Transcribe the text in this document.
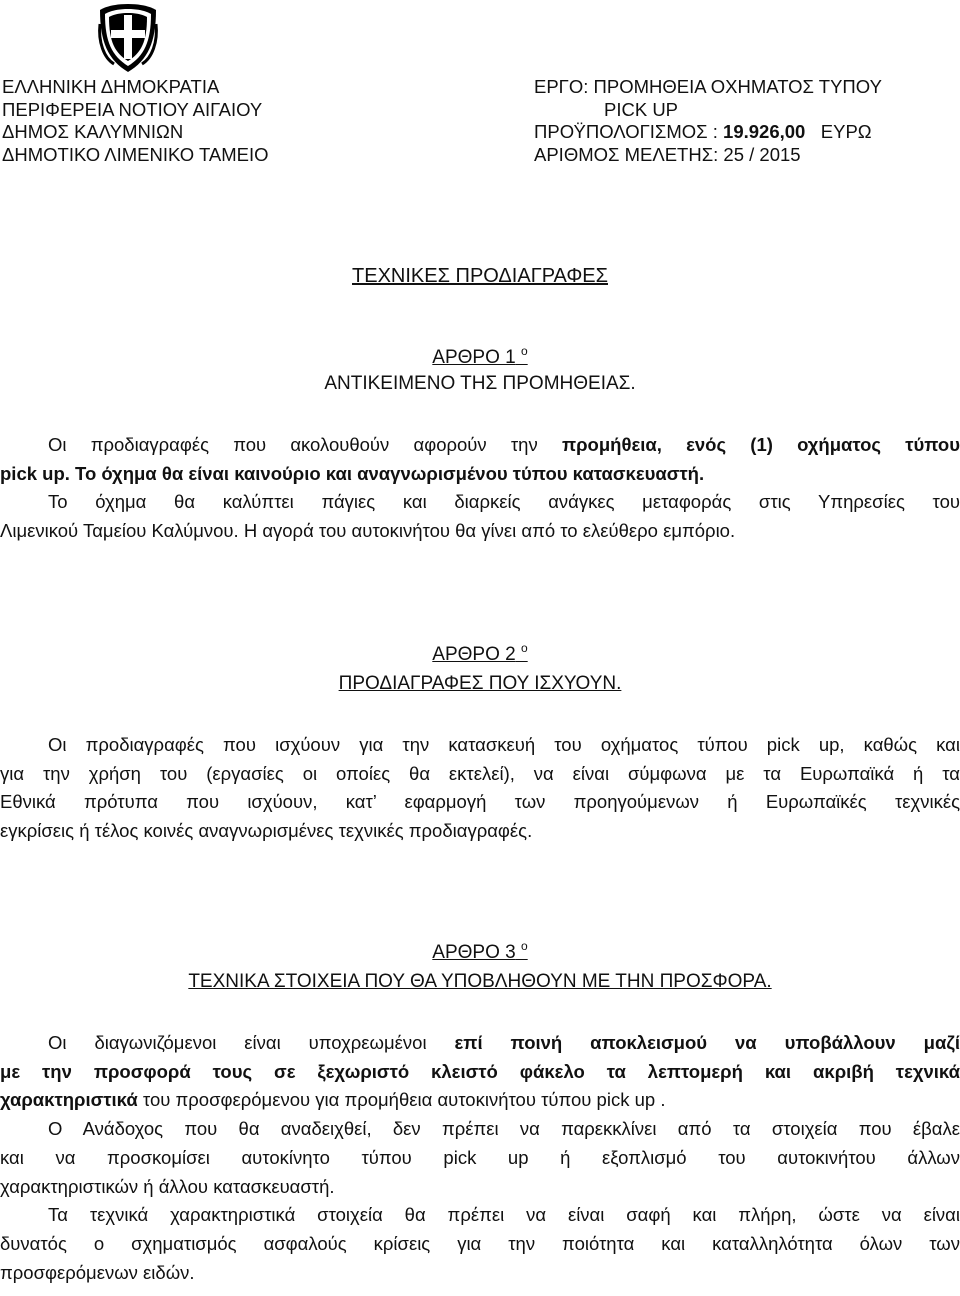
ΕΛΛΗΝΙΚΗ ΔΗΜΟΚΡΑΤΙΑ
ΠΕΡΙΦΕΡΕΙΑ ΝΟΤΙΟΥ ΑΙΓΑΙΟΥ
ΔΗΜΟΣ ΚΑΛΥΜΝΙΩΝ
ΔΗΜΟΤΙΚΟ ΛΙΜΕΝΙΚΟ ΤΑΜΕΙΟ
ΕΡΓΟ: ΠΡΟΜΗΘΕΙΑ ΟΧΗΜΑΤΟΣ ΤΥΠΟΥ
PICK UP
ΠΡΟΫΠΟΛΟΓΙΣΜΟΣ : 19.926,00 ΕΥΡΩ
ΑΡΙΘΜΟΣ ΜΕΛΕΤΗΣ: 25 / 2015
ΤΕΧΝΙΚΕΣ ΠΡΟΔΙΑΓΡΑΦΕΣ
ΑΡΘΡΟ 1 $^o$
ΑΝΤΙΚΕΙΜΕΝΟ ΤΗΣ ΠΡΟΜΗΘΕΙΑΣ.
Οι προδιαγραφές που ακολουθούν αφορούν την προμήθεια, ενός (1) οχήματος τύπου
pick up. Το όχημα θα είναι καινούριο και αναγνωρισμένου τύπου κατασκευαστή.
Το όχημα θα καλύπτει πάγιες και διαρκείς ανάγκες μεταφοράς στις Υπηρεσίες του
Λιμενικού Ταμείου Καλύμνου. Η αγορά του αυτοκινήτου θα γίνει από το ελεύθερο εμπόριο.
ΑΡΘΡΟ 2 $^o$
ΠΡΟΔΙΑΓΡΑΦΕΣ ΠΟΥ ΙΣΧΥΟΥΝ.
Οι προδιαγραφές που ισχύουν για την κατασκευή του οχήματος τύπου pick up, καθώς και
για την χρήση του (εργασίες οι οποίες θα εκτελεί), να είναι σύμφωνα με τα Ευρωπαϊκά ή τα
Εθνικά πρότυπα που ισχύουν, κατ’ εφαρμογή των προηγούμενων ή Ευρωπαϊκές τεχνικές
εγκρίσεις ή τέλος κοινές αναγνωρισμένες τεχνικές προδιαγραφές.
ΑΡΘΡΟ 3 $^o$
ΤΕΧΝΙΚΑ ΣΤΟΙΧΕΙΑ ΠΟΥ ΘΑ ΥΠΟΒΛΗΘΟΥΝ ΜΕ ΤΗΝ ΠΡΟΣΦΟΡΑ.
Οι διαγωνιζόμενοι είναι υποχρεωμένοι επί ποινή αποκλεισμού να υποβάλλουν μαζί
με την προσφορά τους σε ξεχωριστό κλειστό φάκελο τα λεπτομερή και ακριβή τεχνικά
χαρακτηριστικά του προσφερόμενου για προμήθεια αυτοκινήτου τύπου pick up .
Ο Ανάδοχος που θα αναδειχθεί, δεν πρέπει να παρεκκλίνει από τα στοιχεία που έβαλε
και να προσκομίσει αυτοκίνητο τύπου pick up ή εξοπλισμό του αυτοκινήτου άλλων
χαρακτηριστικών ή άλλου κατασκευαστή.
Τα τεχνικά χαρακτηριστικά στοιχεία θα πρέπει να είναι σαφή και πλήρη, ώστε να είναι
δυνατός ο σχηματισμός ασφαλούς κρίσεις για την ποιότητα και καταλληλότητα όλων των
προσφερόμενων ειδών.
